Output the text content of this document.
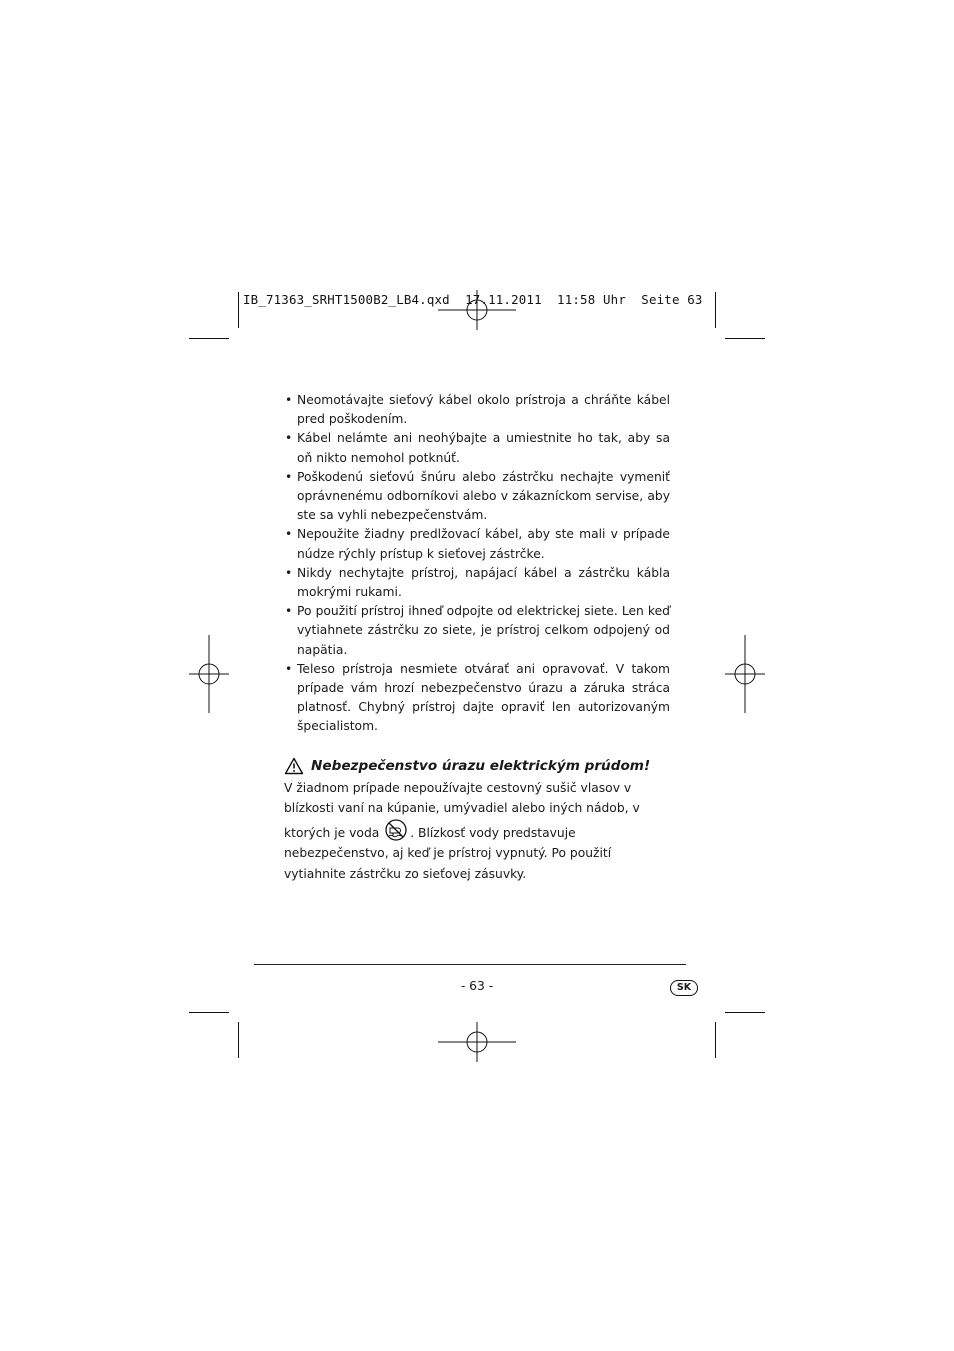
IB_71363_SRHT1500B2_LB4.qxd  17.11.2011  11:58 Uhr  Seite 63
• Neomotávajte sieťový kábel okolo prístroja a chráňte kábel pred poškodením.
• Kábel nelámte ani neohýbajte a umiestnite ho tak, aby sa oň nikto nemohol potknúť.
• Poškodenú sieťovú šnúru alebo zástrčku nechajte vymeniť oprávnenému odborníkovi alebo v zákazníckom servise, aby ste sa vyhli nebezpečenstvám.
• Nepoužite žiadny predlžovací kábel, aby ste mali v prípade núdze rýchly prístup k sieťovej zástrčke.
• Nikdy nechytajte prístroj, napájací kábel a zástrčku kábla mokrými rukami.
• Po použití prístroj ihneď odpojte od elektrickej siete. Len keď vytiahnete zástrčku zo siete, je prístroj celkom odpojený od napätia.
• Teleso prístroja nesmiete otvárať ani opravovať. V takom prípade vám hrozí nebezpečenstvo úrazu a záruka stráca platnosť. Chybný prístroj dajte opraviť len autorizovaným špecialistom.
Nebezpečenstvo úrazu elektrickým prúdom!
V žiadnom prípade nepoužívajte cestovný sušič vlasov v blízkosti vaní na kúpanie, umývadiel alebo iných nádob, v ktorých je voda	. Blízkosť vody predstavuje nebezpečenstvo, aj keď je prístroj vypnutý. Po použití vytiahnite zástrčku zo sieťovej zásuvky.
- 63 -	SK
